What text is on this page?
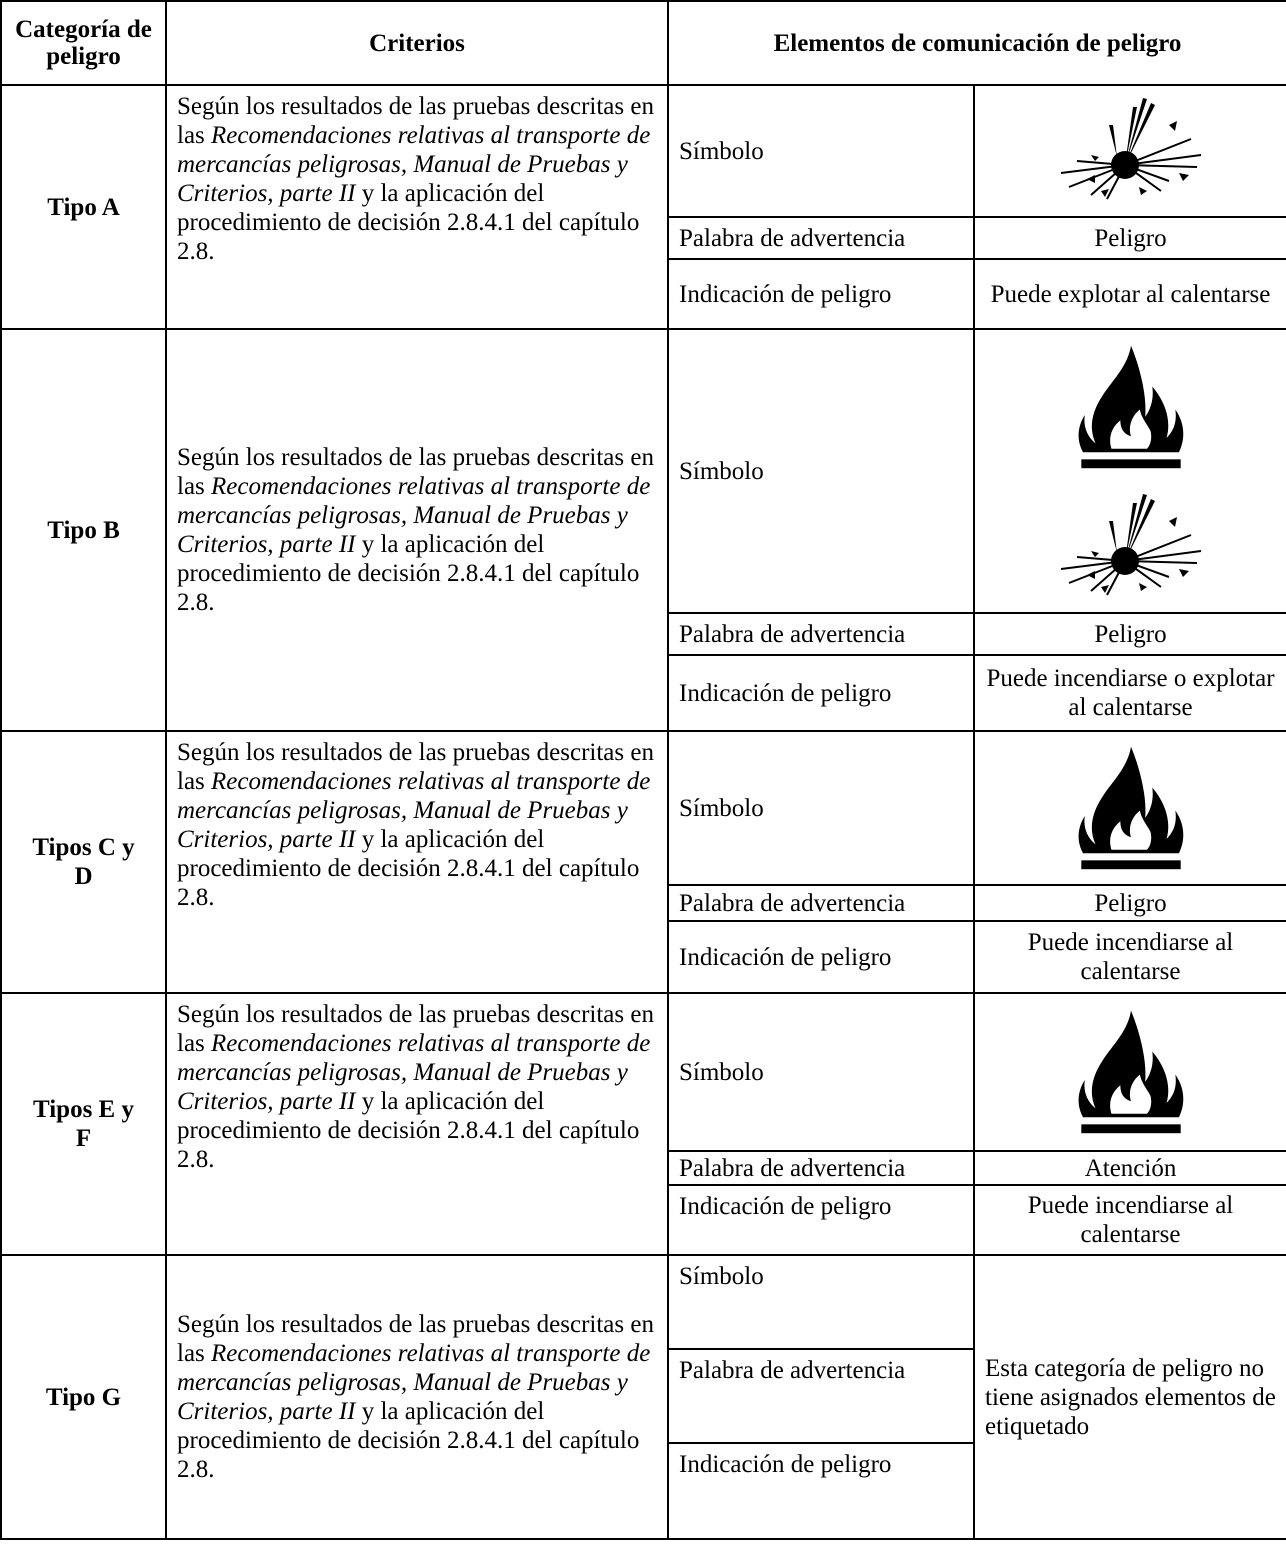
Categoría de peligro	Criterios	Elementos de comunicación de peligro	
Tipo A	Según los resultados de las pruebas descritas en las Recomendaciones relativas al transporte de mercancías peligrosas, Manual de Pruebas y Criterios, parte II y la aplicación del procedimiento de decisión 2.8.4.1 del capítulo 2.8.	Símbolo	

		Palabra de advertencia	Peligro
		Indicación de peligro	Puede explotar al calentarse
Tipo B	Según los resultados de las pruebas descritas en las Recomendaciones relativas al transporte de mercancías peligrosas, Manual de Pruebas y Criterios, parte II y la aplicación del procedimiento de decisión 2.8.4.1 del capítulo 2.8.	Símbolo	

		Palabra de advertencia	Peligro
		Indicación de peligro	Puede incendiarse o explotar al calentarse
Tipos C y D	Según los resultados de las pruebas descritas en las Recomendaciones relativas al transporte de mercancías peligrosas, Manual de Pruebas y Criterios, parte II y la aplicación del procedimiento de decisión 2.8.4.1 del capítulo 2.8.	Símbolo	

		Palabra de advertencia	Peligro
		Indicación de peligro	Puede incendiarse al calentarse
Tipos E y F	Según los resultados de las pruebas descritas en las Recomendaciones relativas al transporte de mercancías peligrosas, Manual de Pruebas y Criterios, parte II y la aplicación del procedimiento de decisión 2.8.4.1 del capítulo 2.8.	Símbolo	

		Palabra de advertencia	Atención
		Indicación de peligro	Puede incendiarse al calentarse
Tipo G	Según los resultados de las pruebas descritas en las Recomendaciones relativas al transporte de mercancías peligrosas, Manual de Pruebas y Criterios, parte II y la aplicación del procedimiento de decisión 2.8.4.1 del capítulo 2.8.	Símbolo	Esta categoría de peligro no tiene asignados elementos de etiquetado
		Palabra de advertencia	
		Indicación de peligro	
